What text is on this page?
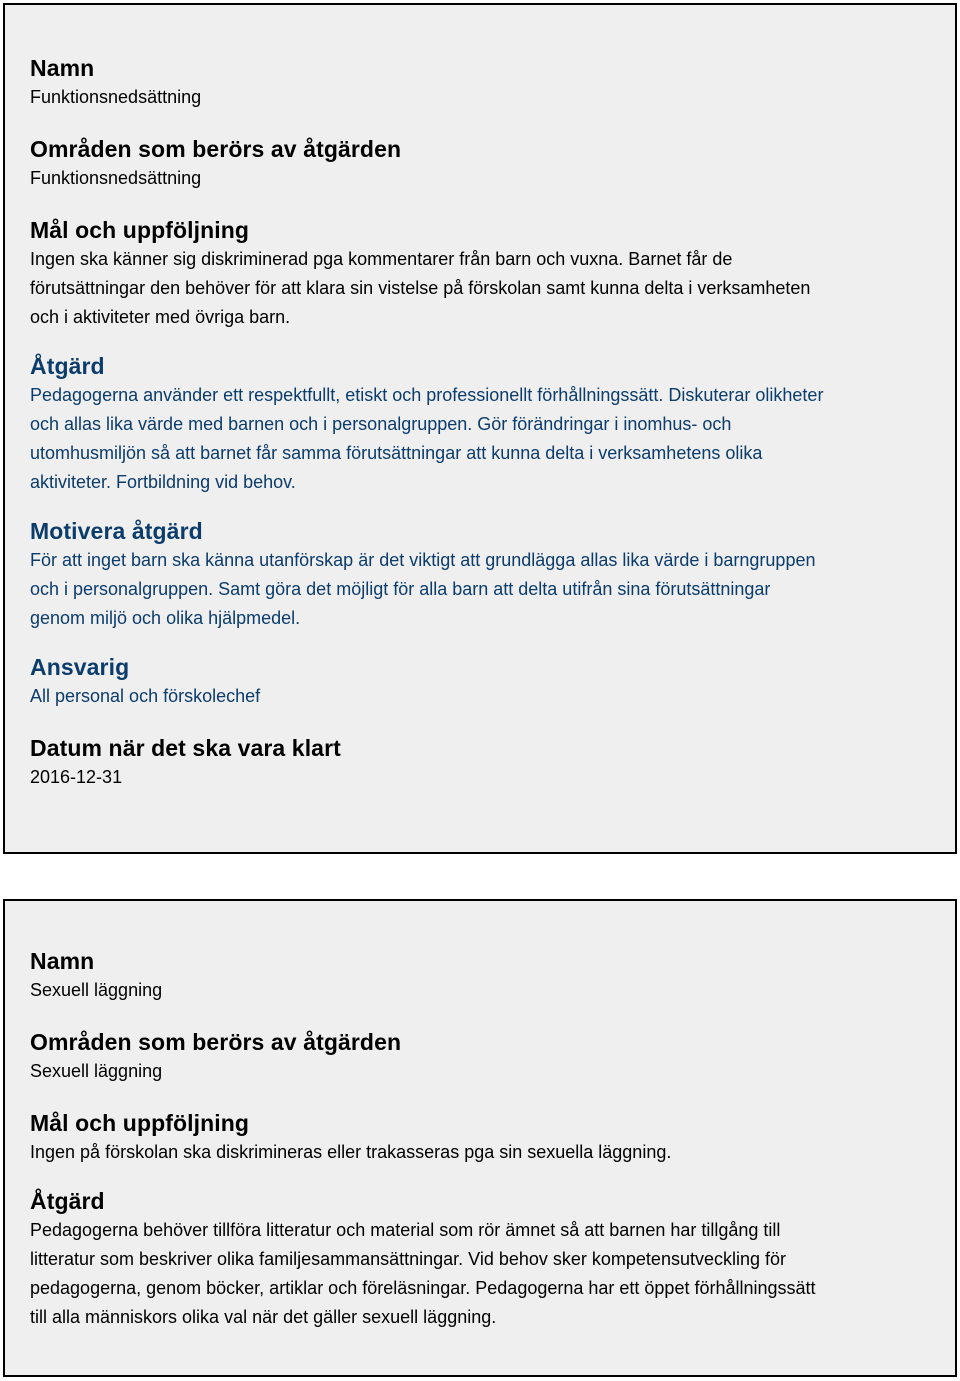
Namn

Funktionsnedsättning

Områden som berörs av åtgärden

Funktionsnedsättning

Mål och uppföljning

Ingen ska känner sig diskriminerad pga kommentarer från barn och vuxna. Barnet får de
förutsättningar den behöver för att klara sin vistelse på förskolan samt kunna delta i verksamheten
och i aktiviteter med övriga barn.

Åtgärd

Pedagogerna använder ett respektfullt, etiskt och professionellt förhållningssätt. Diskuterar olikheter
och allas lika värde med barnen och i personalgruppen. Gör förändringar i inomhus- och
utomhusmiljön så att barnet får samma förutsättningar att kunna delta i verksamhetens olika
aktiviteter. Fortbildning vid behov.

Motivera åtgärd

För att inget barn ska känna utanförskap är det viktigt att grundlägga allas lika värde i barngruppen
och i personalgruppen. Samt göra det möjligt för alla barn att delta utifrån sina förutsättningar
genom miljö och olika hjälpmedel.

Ansvarig

All personal och förskolechef

Datum när det ska vara klart

2016-12-31

Namn

Sexuell läggning

Områden som berörs av åtgärden

Sexuell läggning

Mål och uppföljning

Ingen på förskolan ska diskrimineras eller trakasseras pga sin sexuella läggning.

Åtgärd

Pedagogerna behöver tillföra litteratur och material som rör ämnet så att barnen har tillgång till
litteratur som beskriver olika familjesammansättningar. Vid behov sker kompetensutveckling för
pedagogerna, genom böcker, artiklar och föreläsningar. Pedagogerna har ett öppet förhållningssätt
till alla människors olika val när det gäller sexuell läggning.
